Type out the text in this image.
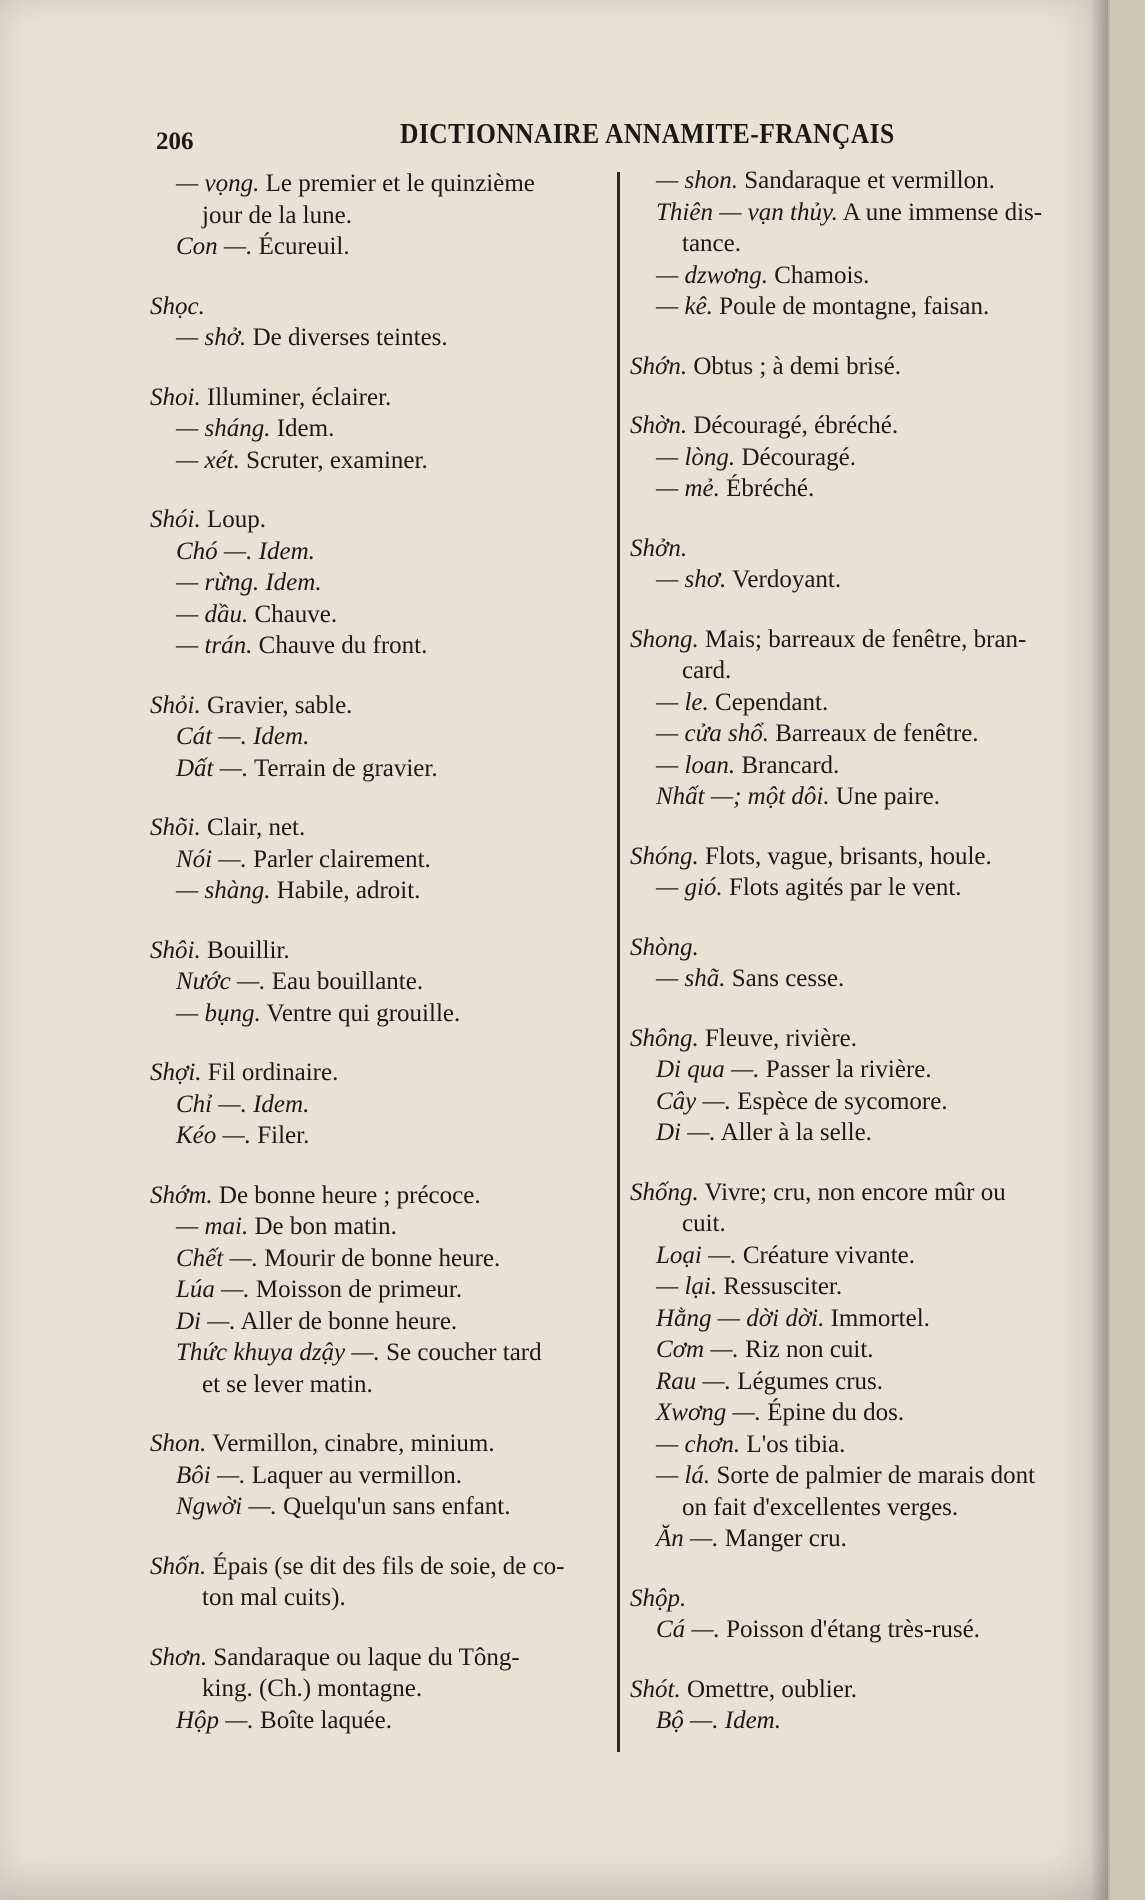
206	DICTIONNAIRE ANNAMITE-FRANÇAIS
— vọng. Le premier et le quinzième
jour de la lune.
Con —. Écureuil.
Shọc.
— shở. De diverses teintes.
Shoi. Illuminer, éclairer.
— sháng. Idem.
— xét. Scruter, examiner.
Shói. Loup.
Chó —. Idem.
— rừng. Idem.
— dầu. Chauve.
— trán. Chauve du front.
Shỏi. Gravier, sable.
Cát —. Idem.
Dất —. Terrain de gravier.
Shõi. Clair, net.
Nói —. Parler clairement.
— shàng. Habile, adroit.
Shôi. Bouillir.
Nước —. Eau bouillante.
— bụng. Ventre qui grouille.
Shợi. Fil ordinaire.
Chỉ —. Idem.
Kéo —. Filer.
Shớm. De bonne heure ; précoce.
— mai. De bon matin.
Chết —. Mourir de bonne heure.
Lúa —. Moisson de primeur.
Di —. Aller de bonne heure.
Thức khuya dzậy —. Se coucher tard
et se lever matin.
Shon. Vermillon, cinabre, minium.
Bôi —. Laquer au vermillon.
Ngwời —. Quelqu'un sans enfant.
Shốn. Épais (se dit des fils de soie, de co-
ton mal cuits).
Shơn. Sandaraque ou laque du Tông-
king. (Ch.) montagne.
Hộp —. Boîte laquée.
— shon. Sandaraque et vermillon.
Thiên — vạn thủy. A une immense dis-
tance.
— dzwơng. Chamois.
— kê. Poule de montagne, faisan.
Shớn. Obtus ; à demi brisé.
Shờn. Découragé, ébréché.
— lòng. Découragé.
— mẻ. Ébréché.
Shởn.
— shơ. Verdoyant.
Shong. Mais; barreaux de fenêtre, bran-
card.
— le. Cependant.
— cửa shổ. Barreaux de fenêtre.
— loan. Brancard.
Nhất —; một dôi. Une paire.
Shóng. Flots, vague, brisants, houle.
— gió. Flots agités par le vent.
Shòng.
— shã. Sans cesse.
Shông. Fleuve, rivière.
Di qua —. Passer la rivière.
Cây —. Espèce de sycomore.
Di —. Aller à la selle.
Shống. Vivre; cru, non encore mûr ou
cuit.
Loại —. Créature vivante.
— lại. Ressusciter.
Hằng — dời dời. Immortel.
Cơm —. Riz non cuit.
Rau —. Légumes crus.
Xwơng —. Épine du dos.
— chơn. L'os tibia.
— lá. Sorte de palmier de marais dont
on fait d'excellentes verges.
Ăn —. Manger cru.
Shộp.
Cá —. Poisson d'étang très-rusé.
Shót. Omettre, oublier.
Bộ —. Idem.
